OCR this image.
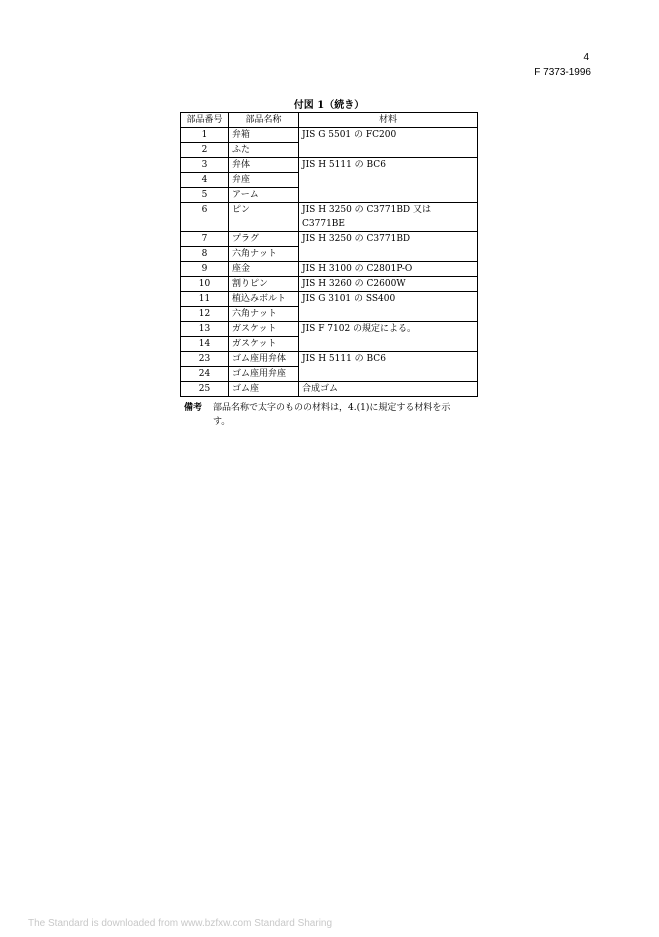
4
F 7373-1996
付図 1（続き）
部品番号	部品名称	材料
1	弁箱	JIS G 5501 の FC200
2	ふた	
3	弁体	JIS H 5111 の BC6
4	弁座	
5	アーム	
6	ピン	JIS H 3250 の C3771BD 又は
C3771BE

7	プラグ	JIS H 3250 の C3771BD
8	六角ナット	
9	座金	JIS H 3100 の C2801P-O
10	割りピン	JIS H 3260 の C2600W
11	植込みボルト	JIS G 3101 の SS400
12	六角ナット	
13	ガスケット	JIS F 7102 の規定による。
14	ガスケット	
23	ゴム座用弁体	JIS H 5111 の BC6
24	ゴム座用弁座	
25	ゴム座	合成ゴム
備考 部品名称で太字のものの材料は，4.(1)に規定する材料を示
す。
The Standard is downloaded from www.bzfxw.com Standard Sharing
